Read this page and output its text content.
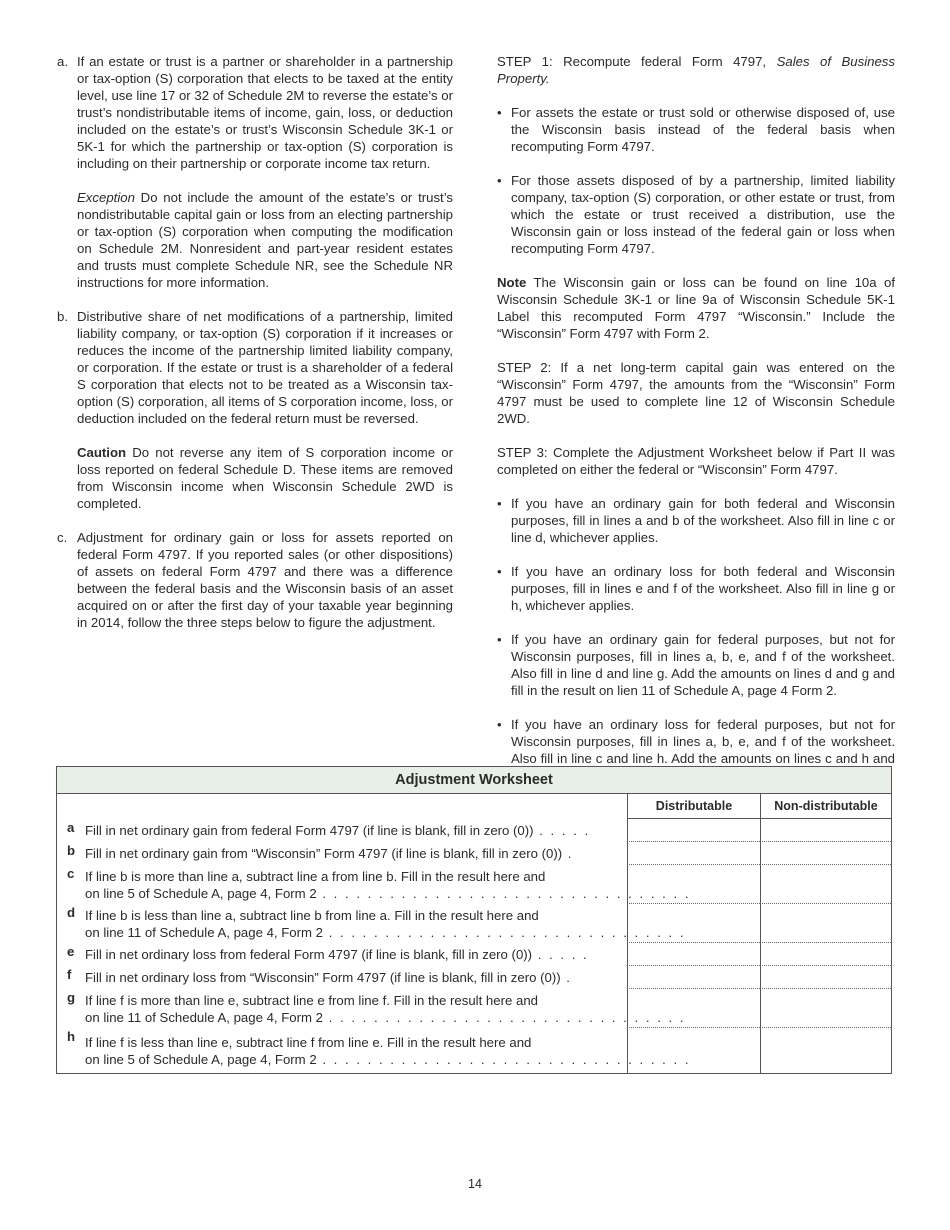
a. If an estate or trust is a partner or shareholder in a partnership or tax-option (S) corporation that elects to be taxed at the entity level, use line 17 or 32 of Schedule 2M to reverse the estate’s or trust’s nondistributable items of income, gain, loss, or deduction included on the estate’s or trust’s Wisconsin Schedule 3K-1 or 5K-1 for which the partnership or tax-option (S) corporation is including on their partnership or corporate income tax return.

Exception Do not include the amount of the estate’s or trust’s nondistributable capital gain or loss from an electing partnership or tax-option (S) corporation when computing the modification on Schedule 2M. Nonresident and part-year resident estates and trusts must complete Schedule NR, see the Schedule NR instructions for more information.

b. Distributive share of net modifications of a partnership, limited liability company, or tax-option (S) corporation if it increases or reduces the income of the partnership limited liability company, or corporation. If the estate or trust is a shareholder of a federal S corporation that elects not to be treated as a Wisconsin tax-option (S) corporation, all items of S corporation income, loss, or deduction included on the federal return must be reversed.

Caution Do not reverse any item of S corporation income or loss reported on federal Schedule D. These items are removed from Wisconsin income when Wisconsin Schedule 2WD is completed.

c. Adjustment for ordinary gain or loss for assets reported on federal Form 4797. If you reported sales (or other dispositions) of assets on federal Form 4797 and there was a difference between the federal basis and the Wisconsin basis of an asset acquired on or after the first day of your taxable year beginning in 2014, follow the three steps below to figure the adjustment.

STEP 1: Recompute federal Form 4797, Sales of Business Property.

• For assets the estate or trust sold or otherwise disposed of, use the Wisconsin basis instead of the federal basis when recomputing Form 4797.
• For those assets disposed of by a partnership, limited liability company, tax-option (S) corporation, or other estate or trust, from which the estate or trust received a distribution, use the Wisconsin gain or loss instead of the federal gain or loss when recomputing Form 4797.

Note The Wisconsin gain or loss can be found on line 10a of Wisconsin Schedule 3K-1 or line 9a of Wisconsin Schedule 5K-1 Label this recomputed Form 4797 “Wisconsin.” Include the “Wisconsin” Form 4797 with Form 2.

STEP 2: If a net long-term capital gain was entered on the “Wisconsin” Form 4797, the amounts from the “Wisconsin” Form 4797 must be used to complete line 12 of Wisconsin Schedule 2WD.

STEP 3: Complete the Adjustment Worksheet below if Part II was completed on either the federal or “Wisconsin” Form 4797.

• If you have an ordinary gain for both federal and Wisconsin purposes, fill in lines a and b of the worksheet. Also fill in line c or line d, whichever applies.
• If you have an ordinary loss for both federal and Wisconsin purposes, fill in lines e and f of the worksheet. Also fill in line g or h, whichever applies.
• If you have an ordinary gain for federal purposes, but not for Wisconsin purposes, fill in lines a, b, e, and f of the worksheet. Also fill in line d and line g. Add the amounts on lines d and g and fill in the result on lien 11 of Schedule A, page 4 Form 2.
• If you have an ordinary loss for federal purposes, but not for Wisconsin purposes, fill in lines a, b, e, and f of the worksheet. Also fill in line c and line h. Add the amounts on lines c and h and
Adjustment Worksheet
Distributable	Non-distributable
a Fill in net ordinary gain from federal Form 4797 (if line is blank, fill in zero (0)) . . . . .
b Fill in net ordinary gain from “Wisconsin” Form 4797 (if line is blank, fill in zero (0)) .
c If line b is more than line a, subtract line a from line b. Fill in the result here and
on line 5 of Schedule A, page 4, Form 2 . . . . . . . . . . . . . . . . . . . . . . . . . . . . . . . . .
d If line b is less than line a, subtract line b from line a. Fill in the result here and
on line 11 of Schedule A, page 4, Form 2 . . . . . . . . . . . . . . . . . . . . . . . . . . . . . . . .
e Fill in net ordinary loss from federal Form 4797 (if line is blank, fill in zero (0)) . . . . .
f	Fill in net ordinary loss from “Wisconsin” Form 4797 (if line is blank, fill in zero (0)) .
g If line f is more than line e, subtract line e from line f. Fill in the result here and
on line 11 of Schedule A, page 4, Form 2 . . . . . . . . . . . . . . . . . . . . . . . . . . . . . . . .
h If line f is less than line e, subtract line f from line e. Fill in the result here and
on line 5 of Schedule A, page 4, Form 2 . . . . . . . . . . . . . . . . . . . . . . . . . . . . . . . . .
14
